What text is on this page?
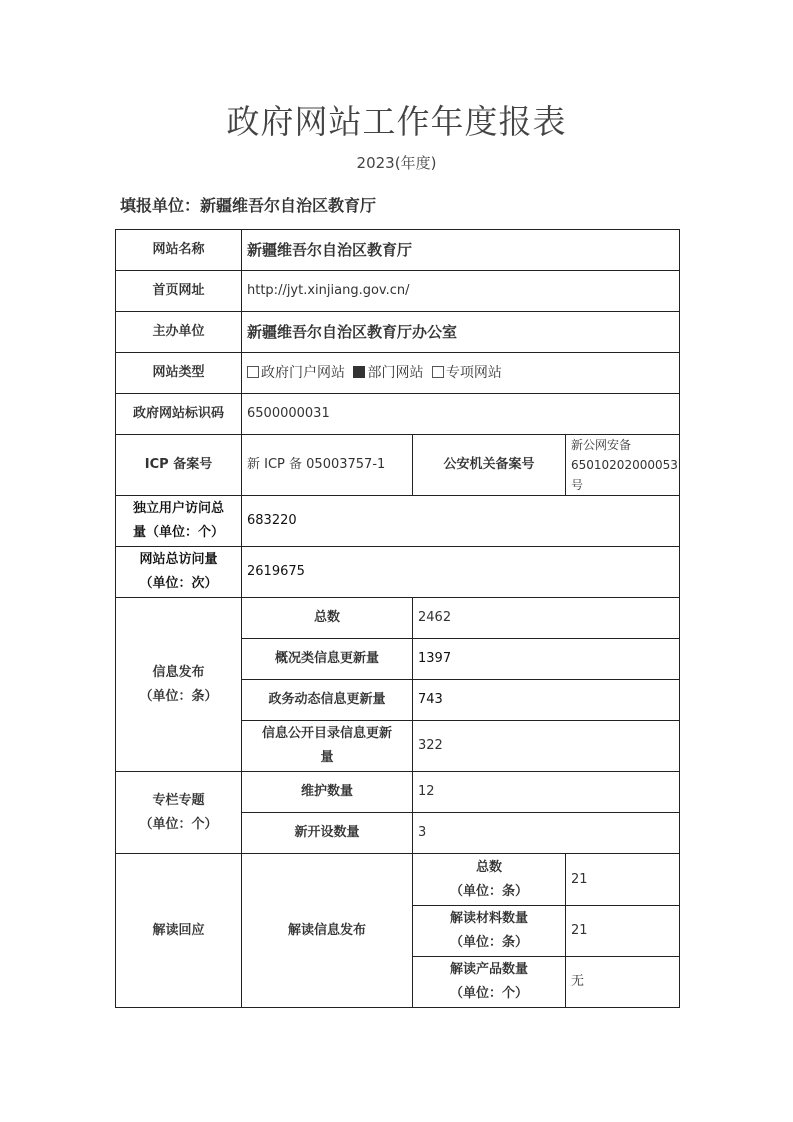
政府网站工作年度报表
2023(年度)
填报单位：新疆维吾尔自治区教育厅
网站名称	新疆维吾尔自治区教育厅		
首页网址	http://jyt.xinjiang.gov.cn/		
主办单位	新疆维吾尔自治区教育厅办公室		
网站类型	政府门户网站 部门网站 专项网站		
政府网站标识码	6500000031		
ICP 备案号	新 ICP 备 05003757-1	公安机关备案号	新公网安备
65010202000053 号

独立用户访问总
量（单位：个）	683220		

网站总访问量
（单位：次）	2619675		

信息发布
（单位：条）	总数	2462	
	概况类信息更新量	1397	
	政务动态信息更新量	743	

	信息公开目录信息更新
量	322	

专栏专题
（单位：个）	维护数量	12	
	新开设数量	3	
解读回应	解读信息发布	总数
（单位：条）	21

		解读材料数量
（单位：条）	21

		解读产品数量
（单位：个）	无
